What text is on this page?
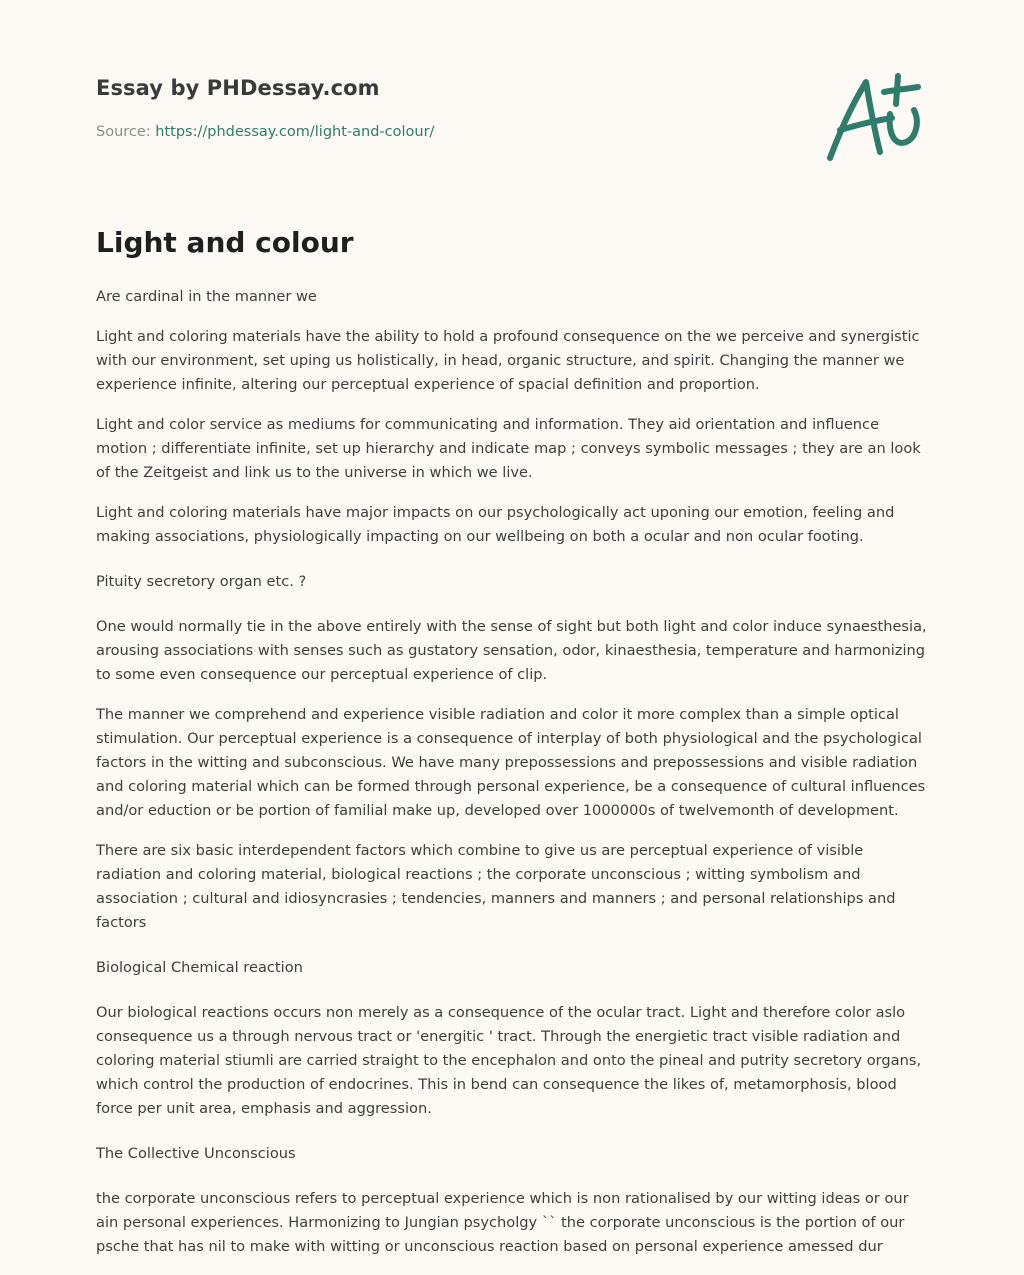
Essay by PHDessay.com
Source: https://phdessay.com/light-and-colour/
Light and colour

Are cardinal in the manner we

Light and coloring materials have the ability to hold a profound consequence on the we perceive and synergistic with our environment, set uping us holistically, in head, organic structure, and spirit. Changing the manner we experience infinite, altering our perceptual experience of spacial definition and proportion.

Light and color service as mediums for communicating and information. They aid orientation and influence motion ; differentiate infinite, set up hierarchy and indicate map ; conveys symbolic messages ; they are an look of the Zeitgeist and link us to the universe in which we live.

Light and coloring materials have major impacts on our psychologically act uponing our emotion, feeling and making associations, physiologically impacting on our wellbeing on both a ocular and non ocular footing.

Pituity secretory organ etc. ?

One would normally tie in the above entirely with the sense of sight but both light and color induce synaesthesia, arousing associations with senses such as gustatory sensation, odor, kinaesthesia, temperature and harmonizing to some even consequence our perceptual experience of clip.

The manner we comprehend and experience visible radiation and color it more complex than a simple optical stimulation. Our perceptual experience is a consequence of interplay of both physiological and the psychological factors in the witting and subconscious. We have many prepossessions and prepossessions and visible radiation and coloring material which can be formed through personal experience, be a consequence of cultural influences and/or eduction or be portion of familial make up, developed over 1000000s of twelvemonth of development.

There are six basic interdependent factors which combine to give us are perceptual experience of visible radiation and coloring material, biological reactions ; the corporate unconscious ; witting symbolism and association ; cultural and idiosyncrasies ; tendencies, manners and manners ; and personal relationships and factors

Biological Chemical reaction

Our biological reactions occurs non merely as a consequence of the ocular tract. Light and therefore color aslo consequence us a through nervous tract or 'energitic ' tract. Through the energietic tract visible radiation and coloring material stiumli are carried straight to the encephalon and onto the pineal and putrity secretory organs, which control the production of endocrines. This in bend can consequence the likes of, metamorphosis, blood force per unit area, emphasis and aggression.

The Collective Unconscious

the corporate unconscious refers to perceptual experience which is non rationalised by our witting ideas or our ain personal experiences. Harmonizing to Jungian psycholgy `` the corporate unconscious is the portion of our psche that has nil to make with witting or unconscious reaction based on personal experience amessed dur
